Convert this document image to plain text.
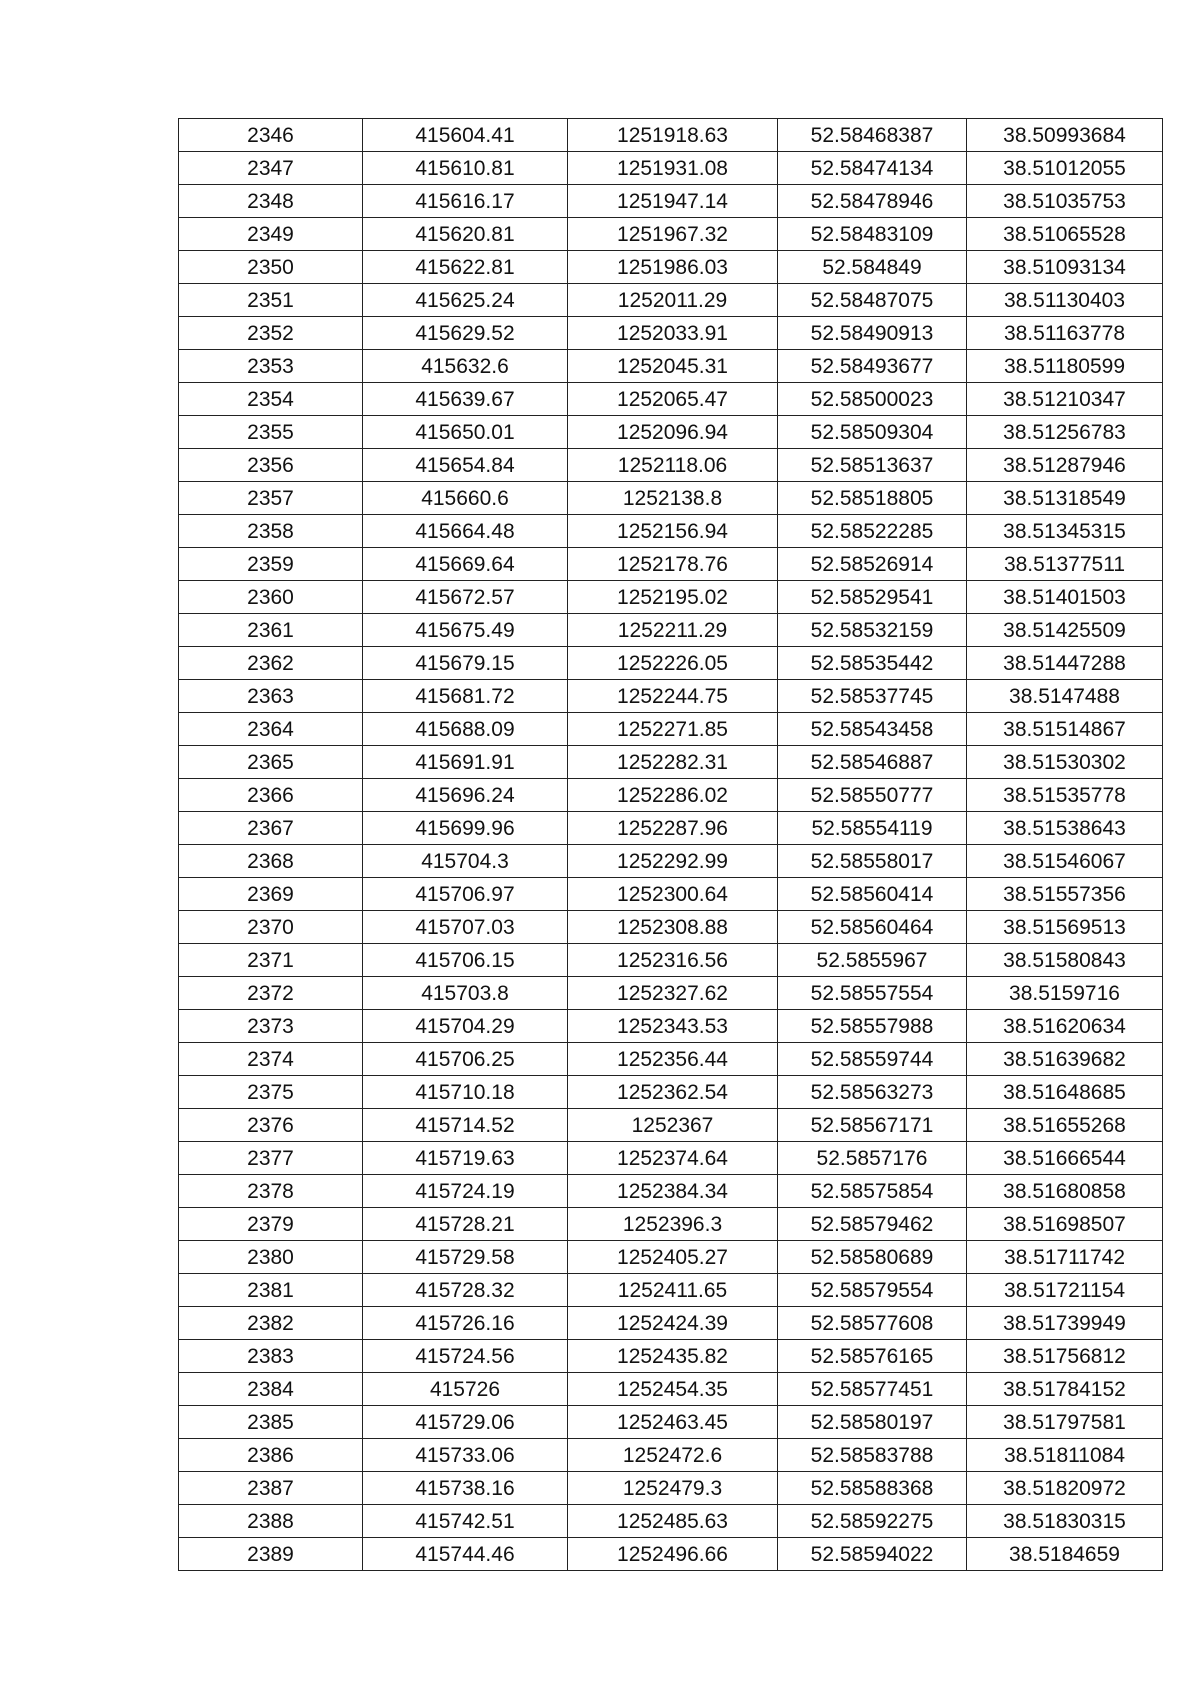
2346	415604.41	1251918.63	52.58468387	38.50993684
2347	415610.81	1251931.08	52.58474134	38.51012055
2348	415616.17	1251947.14	52.58478946	38.51035753
2349	415620.81	1251967.32	52.58483109	38.51065528
2350	415622.81	1251986.03	52.584849	38.51093134
2351	415625.24	1252011.29	52.58487075	38.51130403
2352	415629.52	1252033.91	52.58490913	38.51163778
2353	415632.6	1252045.31	52.58493677	38.51180599
2354	415639.67	1252065.47	52.58500023	38.51210347
2355	415650.01	1252096.94	52.58509304	38.51256783
2356	415654.84	1252118.06	52.58513637	38.51287946
2357	415660.6	1252138.8	52.58518805	38.51318549
2358	415664.48	1252156.94	52.58522285	38.51345315
2359	415669.64	1252178.76	52.58526914	38.51377511
2360	415672.57	1252195.02	52.58529541	38.51401503
2361	415675.49	1252211.29	52.58532159	38.51425509
2362	415679.15	1252226.05	52.58535442	38.51447288
2363	415681.72	1252244.75	52.58537745	38.5147488
2364	415688.09	1252271.85	52.58543458	38.51514867
2365	415691.91	1252282.31	52.58546887	38.51530302
2366	415696.24	1252286.02	52.58550777	38.51535778
2367	415699.96	1252287.96	52.58554119	38.51538643
2368	415704.3	1252292.99	52.58558017	38.51546067
2369	415706.97	1252300.64	52.58560414	38.51557356
2370	415707.03	1252308.88	52.58560464	38.51569513
2371	415706.15	1252316.56	52.5855967	38.51580843
2372	415703.8	1252327.62	52.58557554	38.5159716
2373	415704.29	1252343.53	52.58557988	38.51620634
2374	415706.25	1252356.44	52.58559744	38.51639682
2375	415710.18	1252362.54	52.58563273	38.51648685
2376	415714.52	1252367	52.58567171	38.51655268
2377	415719.63	1252374.64	52.5857176	38.51666544
2378	415724.19	1252384.34	52.58575854	38.51680858
2379	415728.21	1252396.3	52.58579462	38.51698507
2380	415729.58	1252405.27	52.58580689	38.51711742
2381	415728.32	1252411.65	52.58579554	38.51721154
2382	415726.16	1252424.39	52.58577608	38.51739949
2383	415724.56	1252435.82	52.58576165	38.51756812
2384	415726	1252454.35	52.58577451	38.51784152
2385	415729.06	1252463.45	52.58580197	38.51797581
2386	415733.06	1252472.6	52.58583788	38.51811084
2387	415738.16	1252479.3	52.58588368	38.51820972
2388	415742.51	1252485.63	52.58592275	38.51830315
2389	415744.46	1252496.66	52.58594022	38.5184659
